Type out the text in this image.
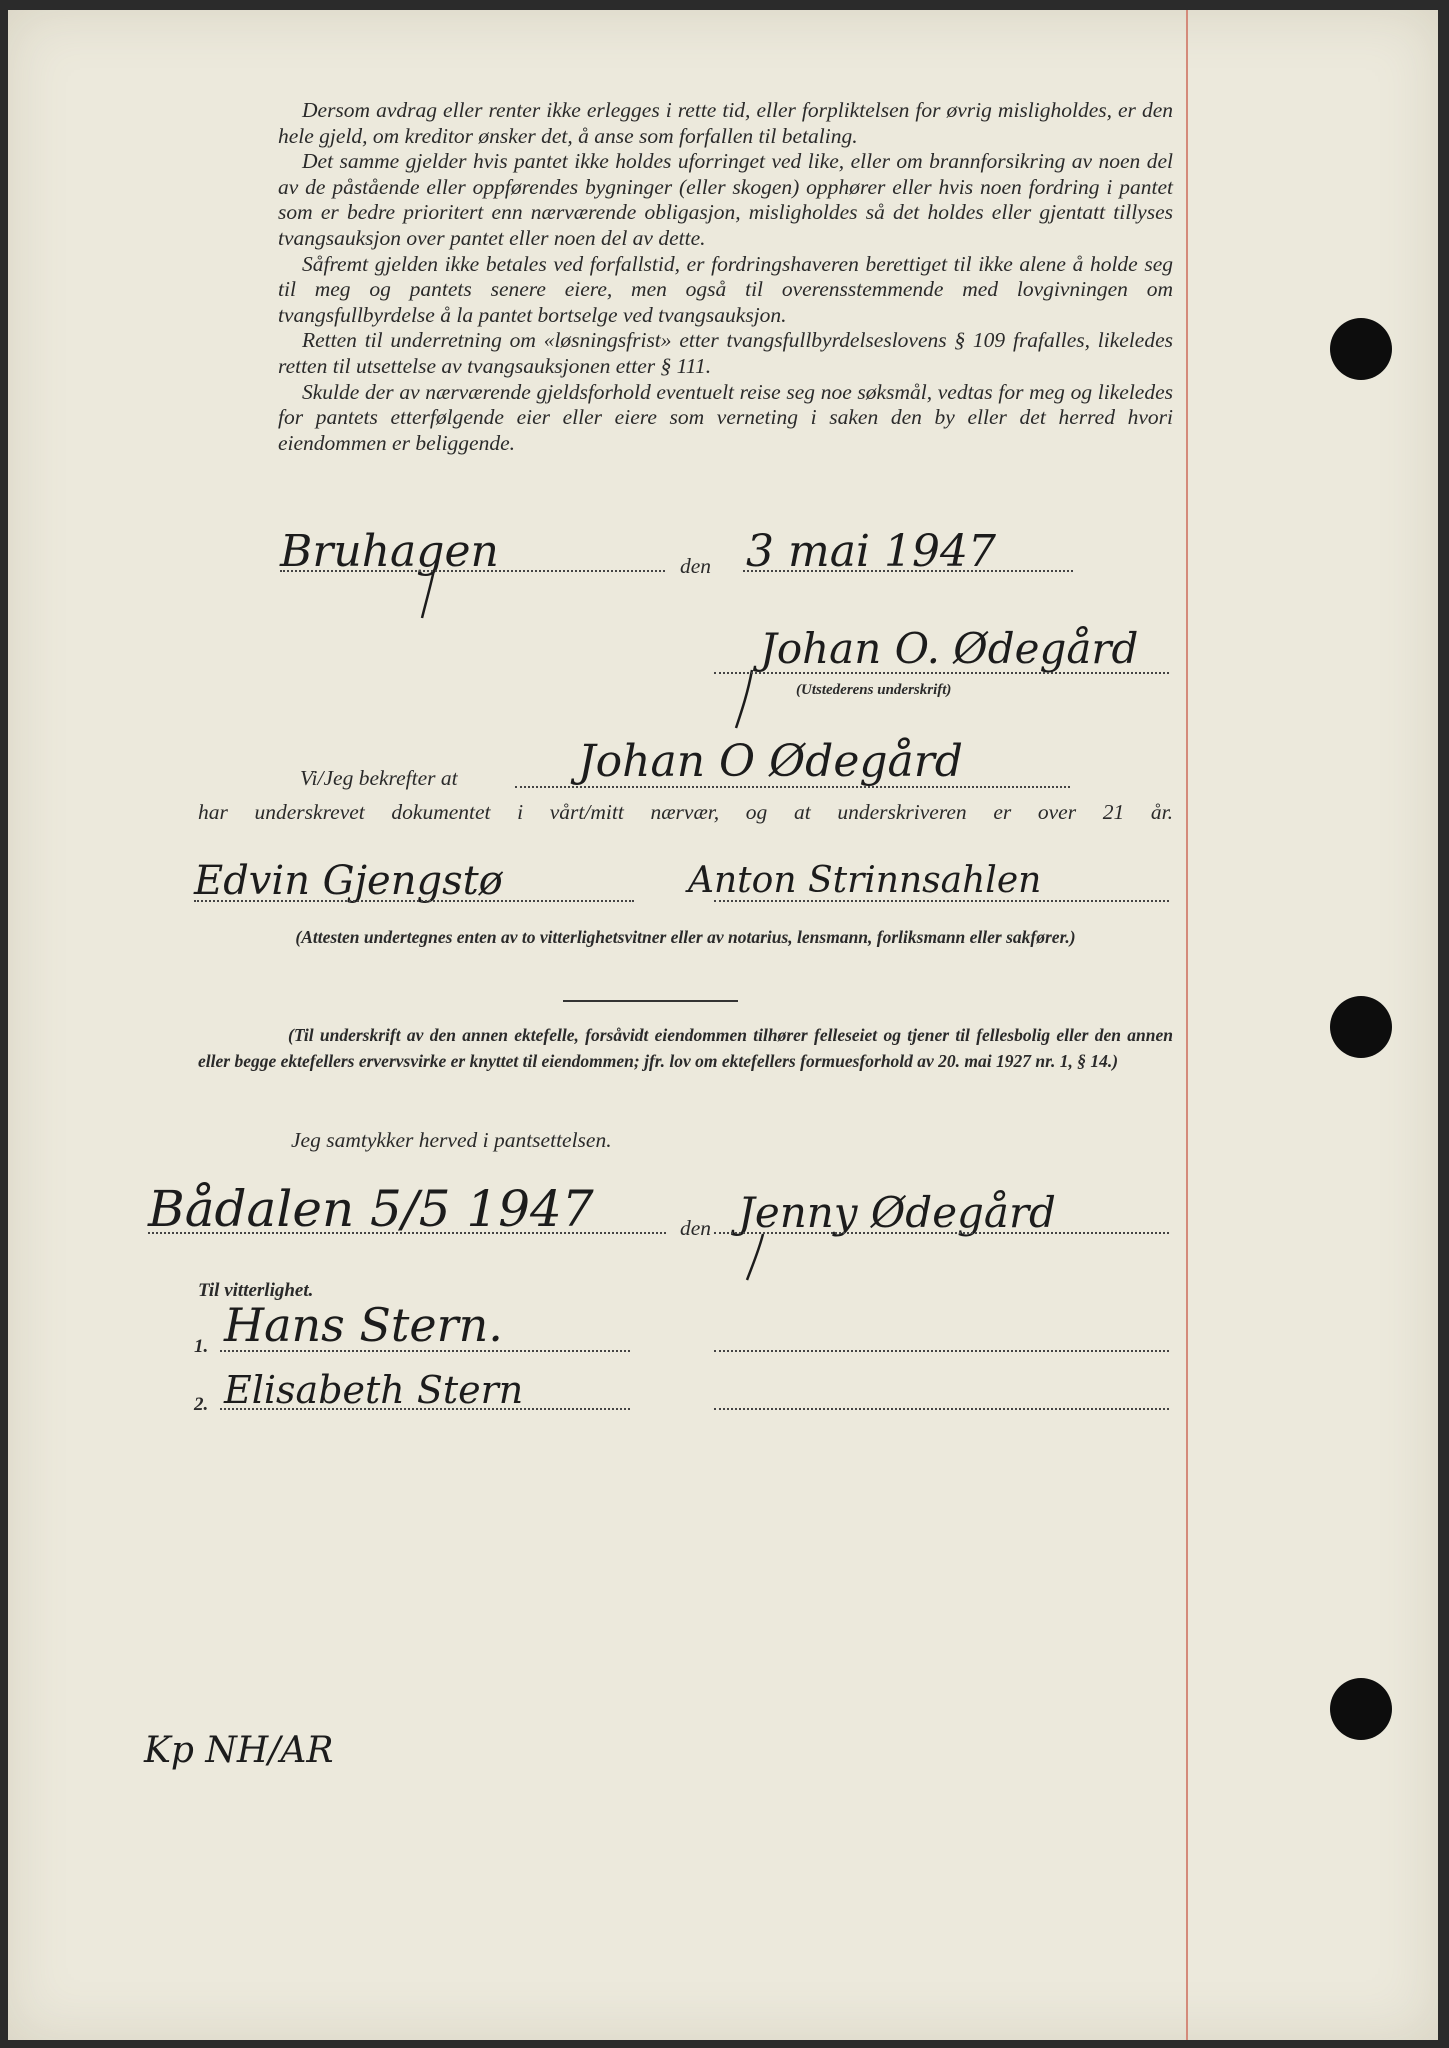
Dersom avdrag eller renter ikke erlegges i rette tid, eller forpliktelsen for øvrig misligholdes, er den hele gjeld, om kreditor ønsker det, å anse som forfallen til betaling.

Det samme gjelder hvis pantet ikke holdes uforringet ved like, eller om brannforsikring av noen del av de påstående eller oppførendes bygninger (eller skogen) opphører eller hvis noen fordring i pantet som er bedre prioritert enn nærværende obligasjon, misligholdes så det holdes eller gjentatt tillyses tvangsauksjon over pantet eller noen del av dette.

Såfremt gjelden ikke betales ved forfallstid, er fordringshaveren berettiget til ikke alene å holde seg til meg og pantets senere eiere, men også til overensstemmende med lovgivningen om tvangsfullbyrdelse å la pantet bortselge ved tvangsauksjon.

Retten til underretning om «løsningsfrist» etter tvangsfullbyrdelseslovens § 109 frafalles, likeledes retten til utsettelse av tvangsauksjonen etter § 111.

Skulde der av nærværende gjeldsforhold eventuelt reise seg noe søksmål, vedtas for meg og likeledes for pantets etterfølgende eier eller eiere som verneting i saken den by eller det herred hvori eiendommen er beliggende.

Bruhagen	den 3 mai 1947
Johan O. Ødegård
(Utstederens underskrift)
Vi/Jeg bekrefter at	Johan O Ødegård
har underskrevet dokumentet i vårt/mitt nærvær, og at underskriveren er over 21 år.
Edvin Gjengstø	Anton Strinnsahlen
(Attesten undertegnes enten av to vitterlighetsvitner eller av notarius, lensmann, forliksmann eller sakfører.)

(Til underskrift av den annen ektefelle, forsåvidt eiendommen tilhører felleseiet og tjener til fellesbolig eller den annen eller begge ektefellers ervervsvirke er knyttet til eiendommen; jfr. lov om ektefellers formuesforhold av 20. mai 1927 nr. 1, § 14.)

Jeg samtykker herved i pantsettelsen.
Bådalen 5/5 1947	den Jenny Ødegård
Til vitterlighet.
1. Hans Stern.
2. Elisabeth Stern
Kp NH/AR
